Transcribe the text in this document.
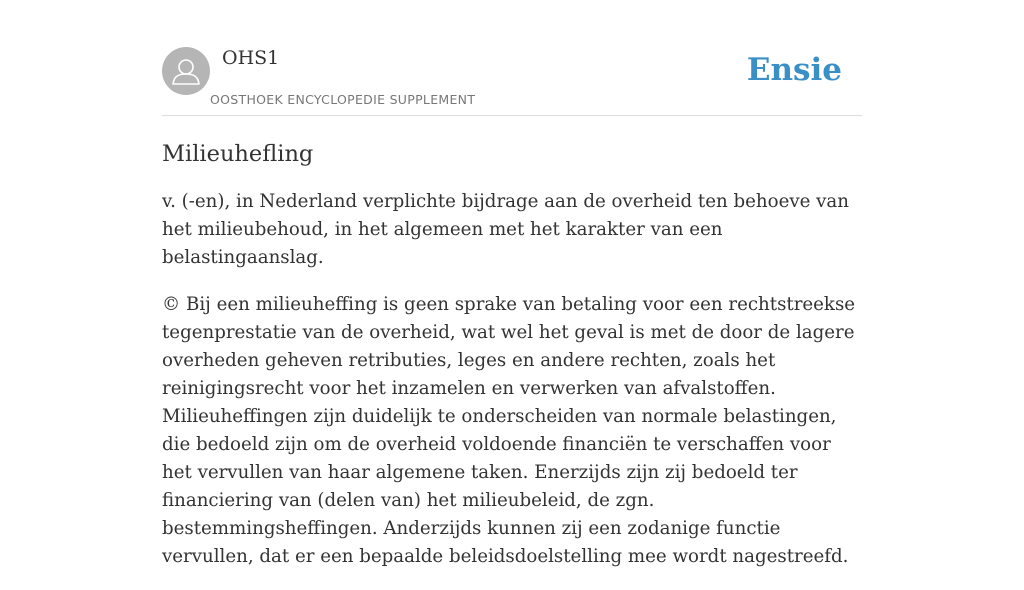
OHS1
OOSTHOEK ENCYCLOPEDIE SUPPLEMENT
Ensie
Milieuhefling

v. (-en), in Nederland verplichte bijdrage aan de overheid ten behoeve van het milieubehoud, in het algemeen met het karakter van een belastingaanslag.

© Bij een milieuheffing is geen sprake van betaling voor een rechtstreekse tegenprestatie van de overheid, wat wel het geval is met de door de lagere overheden geheven retributies, leges en andere rechten, zoals het reinigingsrecht voor het inzamelen en verwerken van afvalstoffen. Milieuheffingen zijn duidelijk te onderscheiden van normale belastingen, die bedoeld zijn om de overheid voldoende financiën te verschaffen voor het vervullen van haar algemene taken. Enerzijds zijn zij bedoeld ter financiering van (delen van) het milieubeleid, de zgn. bestemmingsheffingen. Anderzijds kunnen zij een zodanige functie vervullen, dat er een bepaalde beleidsdoelstelling mee wordt nagestreefd.
